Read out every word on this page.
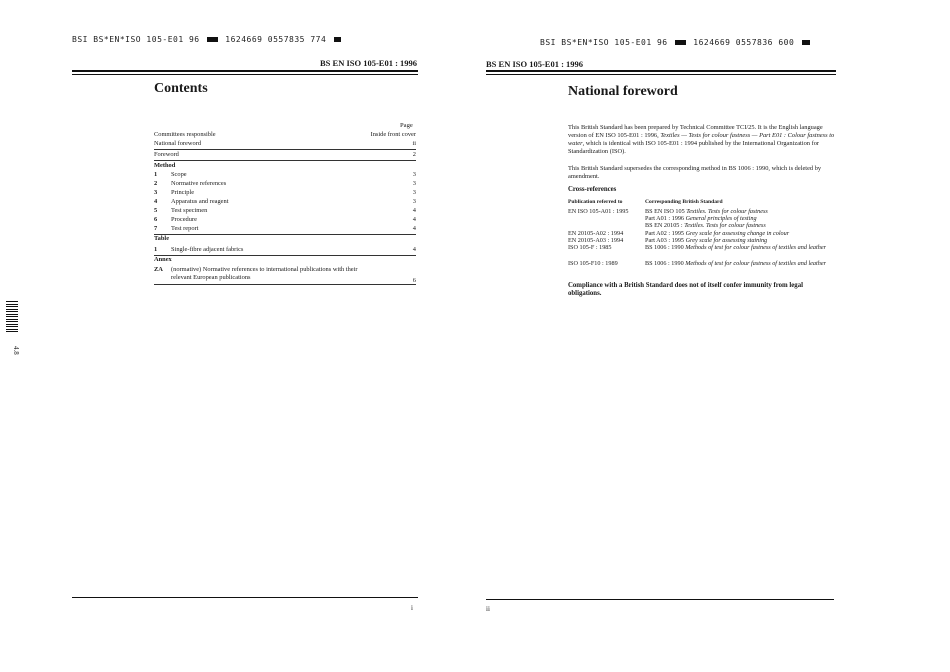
BSI BS*EN*ISO 105-E01 96	1624669 0557835 774
BS EN ISO 105-E01 : 1996
Contents
Page
Committees responsible	Inside front cover
National foreword	ii
Foreword	2
Method
1	Scope	3
2	Normative references	3
3	Principle	3
4	Apparatus and reagent	3
5	Test specimen	4
6	Procedure	4
7	Test report	4
Table
1	Single-fibre adjacent fabrics	4
Annex
ZA	(normative) Normative references to international publications with their
relevant European publications	6
i
4.8
BSI BS*EN*ISO 105-E01 96	1624669 0557836 600
BS EN ISO 105-E01 : 1996
National foreword
This British Standard has been prepared by Technical Committee TCI/25. It is the English language version of EN ISO 105-E01 : 1996, Textiles — Tests for colour fastness — Part E01 : Colour fastness to water, which is identical with ISO 105-E01 : 1994 published by the International Organization for Standardization (ISO).
This British Standard supersedes the corresponding method in BS 1006 : 1990, which is deleted by amendment.
Cross-references
Publication referred to	Corresponding British Standard
EN ISO 105-A01 : 1995	BS EN ISO 105 Textiles. Tests for colour fastness
Part A01 : 1996 General principles of testing
BS EN 20105 : Textiles. Tests for colour fastness
EN 20105-A02 : 1994	Part A02 : 1995 Grey scale for assessing change in colour
EN 20105-A03 : 1994	Part A03 : 1995 Grey scale for assessing staining
ISO 105-F : 1985	BS 1006 : 1990 Methods of test for colour fastness of textiles and leather
ISO 105-F10 : 1989	BS 1006 : 1990 Methods of test for colour fastness of textiles and leather
Compliance with a British Standard does not of itself confer immunity from legal obligations.
ii
